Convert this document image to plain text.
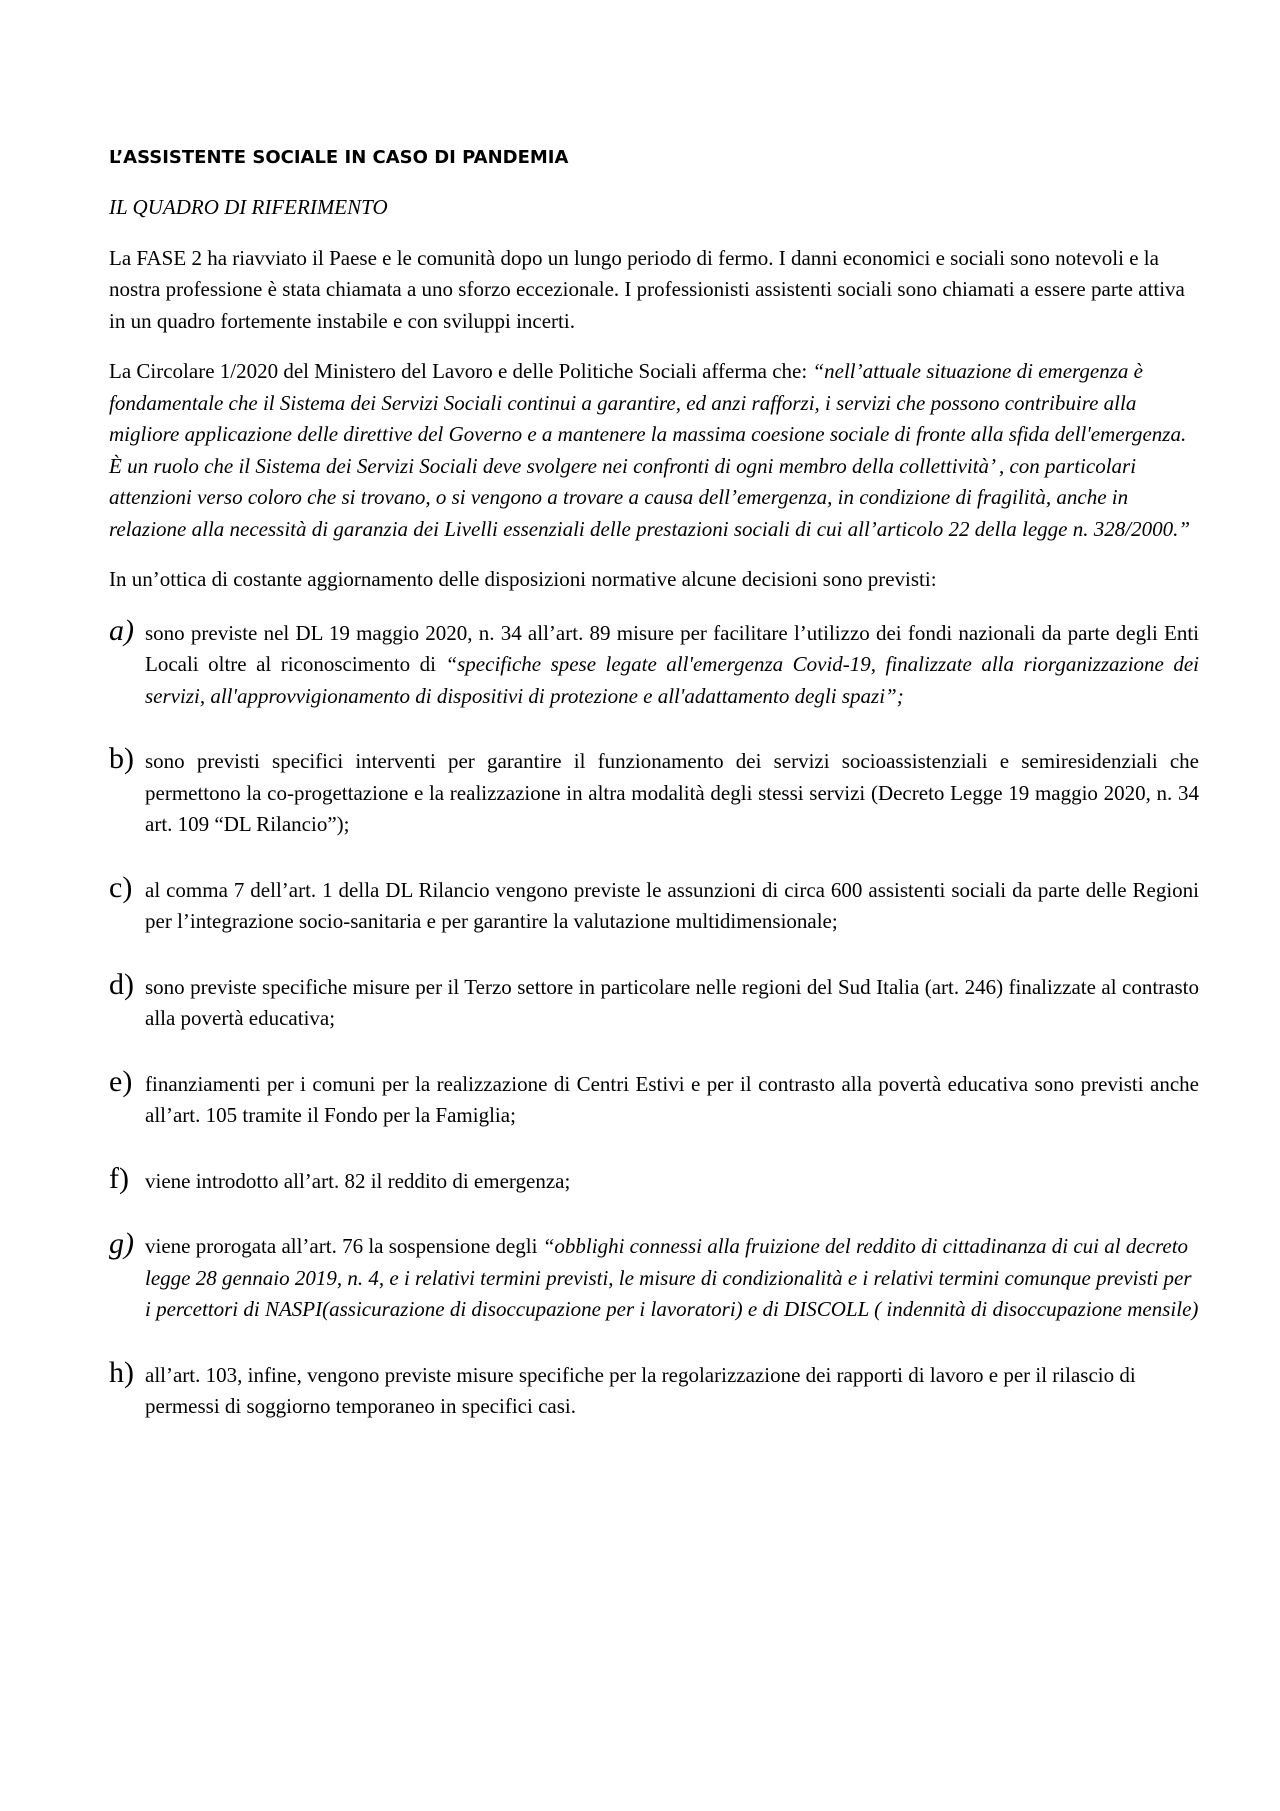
L’ASSISTENTE SOCIALE IN CASO DI PANDEMIA
IL QUADRO DI RIFERIMENTO

La FASE 2 ha riavviato il Paese e le comunità dopo un lungo periodo di fermo. I danni economici e sociali sono notevoli e la nostra professione è stata chiamata a uno sforzo eccezionale. I professionisti assistenti sociali sono chiamati a essere parte attiva in un quadro fortemente instabile e con sviluppi incerti.

La Circolare 1/2020 del Ministero del Lavoro e delle Politiche Sociali afferma che: “nell’attuale situazione di emergenza è fondamentale che il Sistema dei Servizi Sociali continui a garantire, ed anzi rafforzi, i servizi che possono contribuire alla migliore applicazione delle direttive del Governo e a mantenere la massima coesione sociale di fronte alla sfida dell'emergenza. È un ruolo che il Sistema dei Servizi Sociali deve svolgere nei confronti di ogni membro della collettività’ , con particolari attenzioni verso coloro che si trovano, o si vengono a trovare a causa dell’emergenza, in condizione di fragilità, anche in relazione alla necessità di garanzia dei Livelli essenziali delle prestazioni sociali di cui all’articolo 22 della legge n. 328/2000.”

In un’ottica di costante aggiornamento delle disposizioni normative alcune decisioni sono previsti:

a) sono previste nel DL 19 maggio 2020, n. 34 all’art. 89 misure per facilitare l’utilizzo dei fondi nazionali da parte degli Enti Locali oltre al riconoscimento di “specifiche spese legate all'emergenza Covid-19, finalizzate alla riorganizzazione dei servizi, all'approvvigionamento di dispositivi di protezione e all'adattamento degli spazi”;
b) sono previsti specifici interventi per garantire il funzionamento dei servizi socioassistenziali e semiresidenziali che permettono la co-progettazione e la realizzazione in altra modalità degli stessi servizi (Decreto Legge 19 maggio 2020, n. 34 art. 109 “DL Rilancio”);
c) al comma 7 dell’art. 1 della DL Rilancio vengono previste le assunzioni di circa 600 assistenti sociali da parte delle Regioni per l’integrazione socio-sanitaria e per garantire la valutazione multidimensionale;
d) sono previste specifiche misure per il Terzo settore in particolare nelle regioni del Sud Italia (art. 246) finalizzate al contrasto alla povertà educativa;
e) finanziamenti per i comuni per la realizzazione di Centri Estivi e per il contrasto alla povertà educativa sono previsti anche all’art. 105 tramite il Fondo per la Famiglia;
f) viene introdotto all’art. 82 il reddito di emergenza;
g) viene prorogata all’art. 76 la sospensione degli “obblighi connessi alla fruizione del reddito di cittadinanza di cui al decreto legge 28 gennaio 2019, n. 4, e i relativi termini previsti, le misure di condizionalità e i relativi termini comunque previsti per i percettori di NASPI(assicurazione di disoccupazione per i lavoratori) e di DISCOLL ( indennità di disoccupazione mensile)
h) all’art. 103, infine, vengono previste misure specifiche per la regolarizzazione dei rapporti di lavoro e per il rilascio di permessi di soggiorno temporaneo in specifici casi.
